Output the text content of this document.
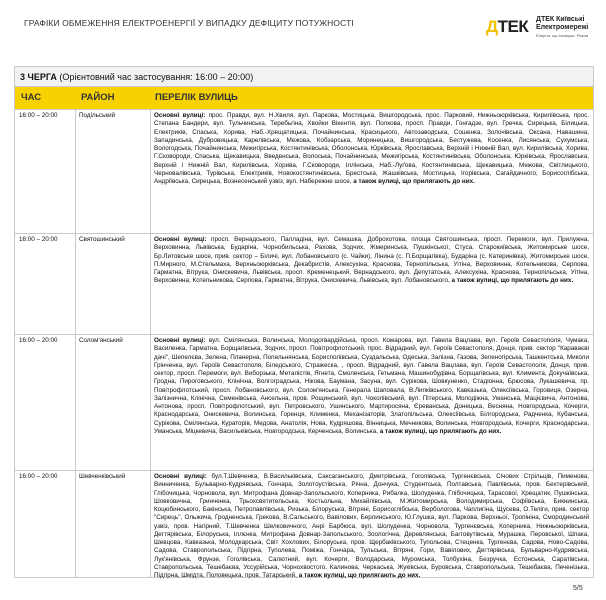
ГРАФІКИ ОБМЕЖЕННЯ ЕЛЕКТРОЕНЕРГІЇ У ВИПАДКУ ДЕФІЦИТУ ПОТУЖНОСТІ	ДТЕК ДТЕК Київські Електромережі
Енергія, що захищає. Разом
3 ЧЕРГА (Орієнтовний час застосування: 16:00 – 20:00)
ЧАС	РАЙОН	ПЕРЕЛІК ВУЛИЦЬ
16:00 – 20:00	Подільський	Основні вулиці: прос. Правди, вул. Н.Хвиля, вул. Паркова, Мостицька, Вишгородська, прос. Парковий, Нижньоюрківська, Кирилівська, прос. Степана Бандери, вул. Тульчинська, Теребьгіна, Хвойки Вікентія, вул. Полкова, просп. Правди, Гонгадзе, вул. Гречка, Сирецька, Білицька, Електриків, Спаська, Хорива, Наб.-Хрещатицька, Почайнинська, Красицького, Автозаводська, Сошенка, Золочівська, Оксана, Навашина, Западинська, Дубровицька, Карелівська, Межова, Кобзарська, Моринецька, Вишгородська, Бестужева, Косенка, Лисянська, Сухумська, Вологодська, Почайнинська, Межигірська, Костянтинівська, Оболонська, Юрківська, Ярославська, Верхній і Нижній Вал, вул. Кирилівська, Хорива, Г.Сковороди, Спаська, Щекавицька, Введенська, Волоська, Почайнинська, Межигірська, Костянтинівська, Оболонська, Юрківська, Ярославська, Верхній і Нижній Вал, Кирилівська, Хорива, Г.Сковороди, Іллінська, Наб.-Луґова, Костянтинівська, Щекавицька, Межова, Світлицького, Черновалівська, Турівська, Електриків, Новокостянтинівська, Брестська, Жашківська, Мостицька, Ігорівська, Сагайдачного, Борисоглібська, Андріївська, Сирецька, Вознесенський узвіз, вул. Набережне шосе, а також вулиці, що прилягають до них.
16:00 – 20:00	Святошинський	Основні вулиці: просп. Вернадського, Палладіна, вул. Семашка, Доброхотова, площа Святошинська, просп. Перемоги, вул. Прилужна, Верховинна, Львівська, Бударіна, Чорнобильська, Рахова, Зодчих, Жмеринська, Пушкінської, Стуса, Старокиївська, Житомирське шосе, Бр.Литовське шосе, прив. сектор – Біличі, вул. Лобановського (с. Чайки), Лінина (с. П.Борщагівка), Бударіна (с. Катеринівка), Житомирське шосе, П.Мирного, М.Стельмаха, Верхньоюрківська, Декабристів, Алексухіна, Краснова, Тернопільська, Уітіна, Верховинна, Котельникова, Серпова, Гарматна, Вітрука, Онискевича, Львівська, просп. Кременецький, Вернадського, вул. Депутатська, Алексухіна, Краснова, Тернопільська, Уітіна, Верховинна, Котельникова, Серпова, Гарматна, Вітрука, Онискевича, Львівська, вул. Лобановського, а також вулиці, що прилягають до них.
16:00 – 20:00	Солом'янський	Основні вулиці: вул. Смілянська, Волинська, Молодогвардійська, просп. Комарова, вул. Гавела Вацлава, вул. Героїв Севастополя, Чумака, Василенка, Гарматна, Борщагівська, Зодчих, просп. Повітрофлотський, прос. Відрадний, вул. Героїв Севастополя, Донця, прив. сектор "Караваєві дачі", Шепелєва, Зелена, Планерна, Попельнянська, Борисполівська, Суздальська, Одеська, Залізна, Газова, Зеленогірська, Ташкентська, Миколи Грінченка, вул. Героїв Севастополя, Біледського, Стражеска, , просп. Відрадний, вул. Гавела Вацлава, вул. Героїв Севастополя, Донця, прив. сектор, просп. Перемоги, вул. Виборзька, Металістів, Ягнета, Смоленська, Гетьмана, Машинобудівна, Борщагівська, вул. Климента, Докучаївська, Гродна, Пироговського, Клінічна, Волгоградська, Нікова, Баумана, Засуна, вул. Сурікова, Шовкуненко, Стадіонна, Брюсова, Лукашевича, пр. Повітрофлотський, просп. Лобановського, вул. Солом'янська, Генерала Шаповала, В.Липківського, Кавказька, Олексіївська, Горовиця, Озерна, Залізнична, Клінічна, Семенівська, Ансельна, пров. Рощинський, вул. Чоколівський, вул. Пітерська, Молодіжна, Уманська, Мацієвича, Антонова, Антонова, просп. Повітрофлотський, вул. Петровського, Ушинського, Мартиросяна, Єреванська, Донецька, Весняна, Новгородська, Кочерги, Краснодарська, Онискевича, Волинська, Горенця, Клименка, Механізаторів, Златопільська, Олексіївська, Білгородська, Радченка, Кубанська, Сурікова, Смілянська, Кураторів, Медова, Анатолія, Нова, Кудряшова, Вінницька, Мечникова, Волинська, Новгородська, Кочерги, Краснодарська, Уманська, Міцкевича, Васильківська, Новгородська, Керченська, Волинська, а також вулиці, що прилягають до них.
16:00 – 20:00	Шевченківський	Основні вулиці: бул.Т.Шевченка, В.Васильківська, Саксаганського, Дмитрівська, Гоголівська, Тургенєвська, Січових Стрільців, Пименова, Винниченка, Бульварно-Кудрявська, Гончара, Золотоустівська, Річна, Дончука, Студентська, Полтавська, Павлівська, пров. Бехтерівський, Глібочицька, Чорновола, вул. Митрофана Довнар-Запольського, Коперника, Рибалка, Шолуденка, Глібочицька, Тарасової, Хрещатик, Пушкінська, Шовковична, Гринченка, Трьохсвятительська, Костьольна, Михайлівська, М.Житомирська, Володимирська, Софіївська, Бикнинська, Коцюбинського, Бакінська, Петропавлівська, Ризька, Білоруська, Вітряні, Борисоглібська, Вербологова, Чаплигіна, Щусева, О.Теліги, прив. сектор "Сирець", Ольжича, Гродненська, Грекова, В.Сальського, Вавілових, Берлинського, Ю.Глушка, вул. Паркова, Верхньої, Тропініна, Смородинський узвіз, пров. Нагірний, Т.Шевченка Шелковичного, Анрі Барбюса, вул. Шолуденка, Чорновола, Тургенєвська, Коперника, Нижньоюрківська, Дегтярівська, Білоруська, Іллєнка, Митрофана Довнар-Запольського, Зоологічна, Деревлянська, Багговутівська, Мурашка, Перовської, Шпака, Шевцова, Кавказька, Молодкарська, Світ Хохлових, Білоруська, пров. Щербаківського, Тупольова, Стеценка, Тургенєва, Садова, Ново-Садова, Садова, Ставропольська, Підгірна, Туполева, Поміжа, Гончара, Тульська, Вітряні, Гори, Вавілових, Дегтярівська, Бульварно-Кудрявська, Лук'янівська, Фрунзе, Гоголівська, Салютний, вул. Кочерги, Володарська, Муромська, Толбухіна, Безручка, Естонська, Саратівська, Ставропольська, Тешебаєва, Уссурійська, Чорнохвостого, Калинова, Черкаська, Жуківська, Буровська, Ставропольська, Тешебаєва, Печенізька, Підгірна, Шмідта, Половецька, пров. Татарський, а також вулиці, що прилягають до них.
5/5
